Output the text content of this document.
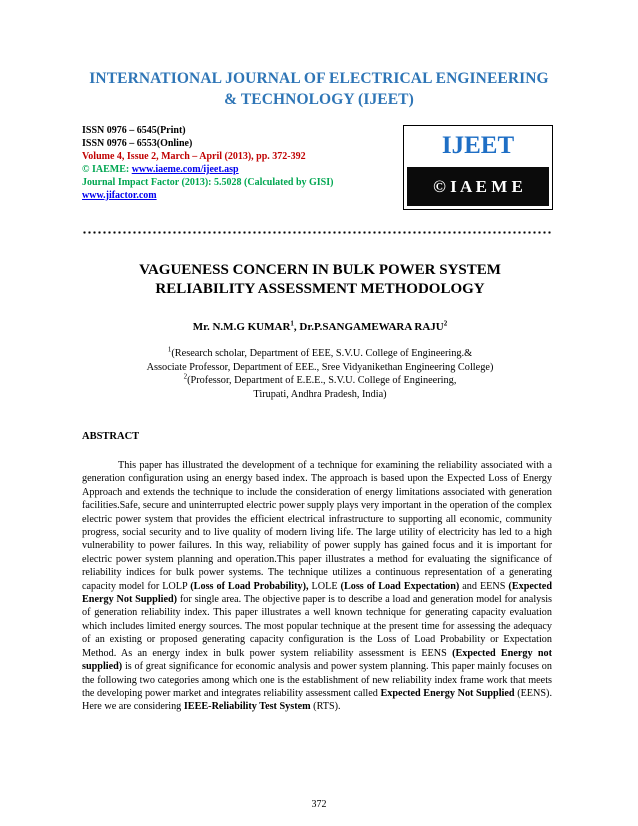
INTERNATIONAL JOURNAL OF ELECTRICAL ENGINEERING
& TECHNOLOGY (IJEET)
ISSN 0976 – 6545(Print)
ISSN 0976 – 6553(Online)
Volume 4, Issue 2, March – April (2013), pp. 372-392
© IAEME: www.iaeme.com/ijeet.asp
Journal Impact Factor (2013): 5.5028 (Calculated by GISI)
www.jifactor.com
IJEET
© I A E M E
VAGUENESS CONCERN IN BULK POWER SYSTEM
RELIABILITY ASSESSMENT METHODOLOGY
Mr. N.M.G KUMAR$^1$, Dr.P.SANGAMEWARA RAJU$^2$
$^1$(Research scholar, Department of EEE, S.V.U. College of Engineering.&
Associate Professor, Department of EEE., Sree Vidyanikethan Engineering College)
$^2$(Professor, Department of E.E.E., S.V.U. College of Engineering,
Tirupati, Andhra Pradesh, India)
ABSTRACT

This paper has illustrated the development of a technique for examining the reliability associated with a generation configuration using an energy based index. The approach is based upon the Expected Loss of Energy Approach and extends the technique to include the consideration of energy limitations associated with generation facilities.Safe, secure and uninterrupted electric power supply plays very important in the operation of the complex electric power system that provides the efficient electrical infrastructure to supporting all economic, community progress, social security and to live quality of modern living life. The large utility of electricity has led to a high vulnerability to power failures. In this way, reliability of power supply has gained focus and it is important for electric power system planning and operation.This paper illustrates a method for evaluating the significance of reliability indices for bulk power systems. The technique utilizes a continuous representation of a generating capacity model for LOLP (Loss of Load Probability), LOLE (Loss of Load Expectation) and EENS (Expected Energy Not Supplied) for single area. The objective paper is to describe a load and generation model for analysis of generation reliability index. This paper illustrates a well known technique for generating capacity evaluation which includes limited energy sources. The most popular technique at the present time for assessing the adequacy of an existing or proposed generating capacity configuration is the Loss of Load Probability or Expectation Method. As an energy index in bulk power system reliability assessment is EENS (Expected Energy not supplied) is of great significance for economic analysis and power system planning. This paper mainly focuses on the following two categories among which one is the establishment of new reliability index frame work that meets the developing power market and integrates reliability assessment called Expected Energy Not Supplied (EENS). Here we are considering IEEE-Reliability Test System (RTS).

372
